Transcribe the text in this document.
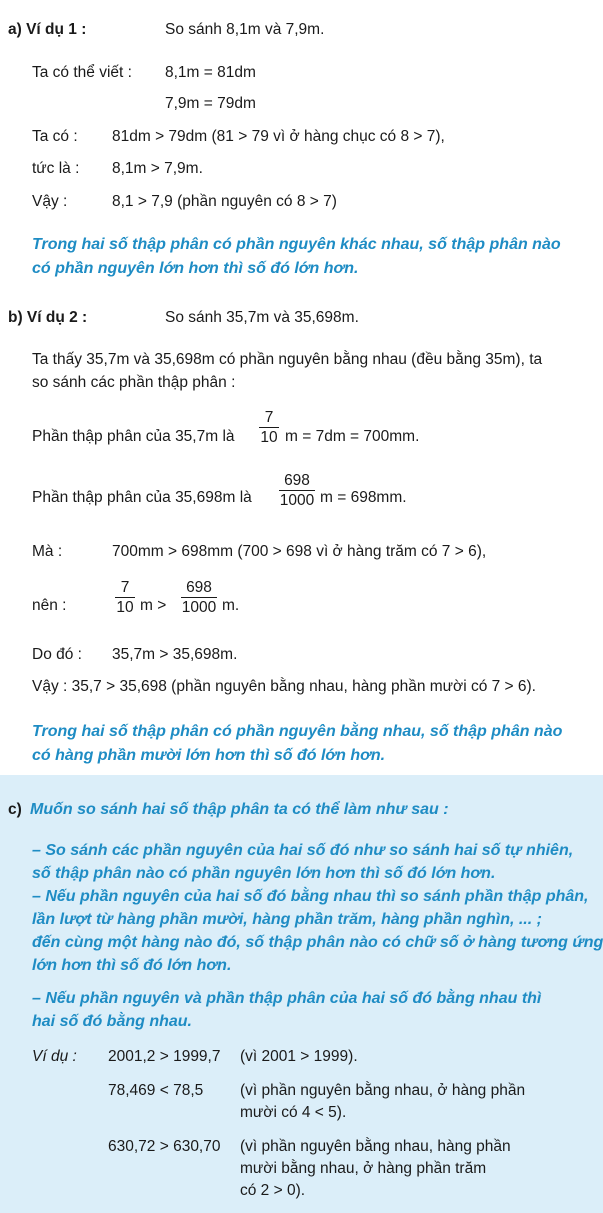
a) Ví dụ 1 :	So sánh 8,1m và 7,9m.
Ta có thể viết : 8,1m = 81dm
7,9m = 79dm
Ta có : 81dm > 79dm (81 > 79 vì ở hàng chục có 8 > 7),
tức là : 8,1m > 7,9m.
Vậy :	8,1 > 7,9 (phần nguyên có 8 > 7)
Trong hai số thập phân có phần nguyên khác nhau, số thập phân nào
có phần nguyên lớn hơn thì số đó lớn hơn.
b) Ví dụ 2 :	So sánh 35,7m và 35,698m.
Ta thấy 35,7m và 35,698m có phần nguyên bằng nhau (đều bằng 35m), ta
so sánh các phần thập phân :
Phần thập phân của 35,7m là
7
10 m = 7dm = 700mm.
Phần thập phân của 35,698m là
698
1000 m = 698mm.
Mà :	700mm > 698mm (700 > 698 vì ở hàng trăm có 7 > 6),
nên :
7
10 m >
698
1000 m.
Do đó : 35,7m > 35,698m.
Vậy : 35,7 > 35,698 (phần nguyên bằng nhau, hàng phần mười có 7 > 6).
Trong hai số thập phân có phần nguyên bằng nhau, số thập phân nào
có hàng phần mười lớn hơn thì số đó lớn hơn.
c) Muốn so sánh hai số thập phân ta có thể làm như sau :
– So sánh các phần nguyên của hai số đó như so sánh hai số tự nhiên,
số thập phân nào có phần nguyên lớn hơn thì số đó lớn hơn.
– Nếu phần nguyên của hai số đó bằng nhau thì so sánh phần thập phân,
lần lượt từ hàng phần mười, hàng phần trăm, hàng phần nghìn, ... ;
đến cùng một hàng nào đó, số thập phân nào có chữ số ở hàng tương ứng
lớn hơn thì số đó lớn hơn.
– Nếu phần nguyên và phần thập phân của hai số đó bằng nhau thì
hai số đó bằng nhau.
Ví dụ : 2001,2 > 1999,7 (vì 2001 > 1999).
78,469 < 78,5 (vì phần nguyên bằng nhau, ở hàng phần
mười có 4 < 5).
630,72 > 630,70 (vì phần nguyên bằng nhau, hàng phần
mười bằng nhau, ở hàng phần trăm
có 2 > 0).
